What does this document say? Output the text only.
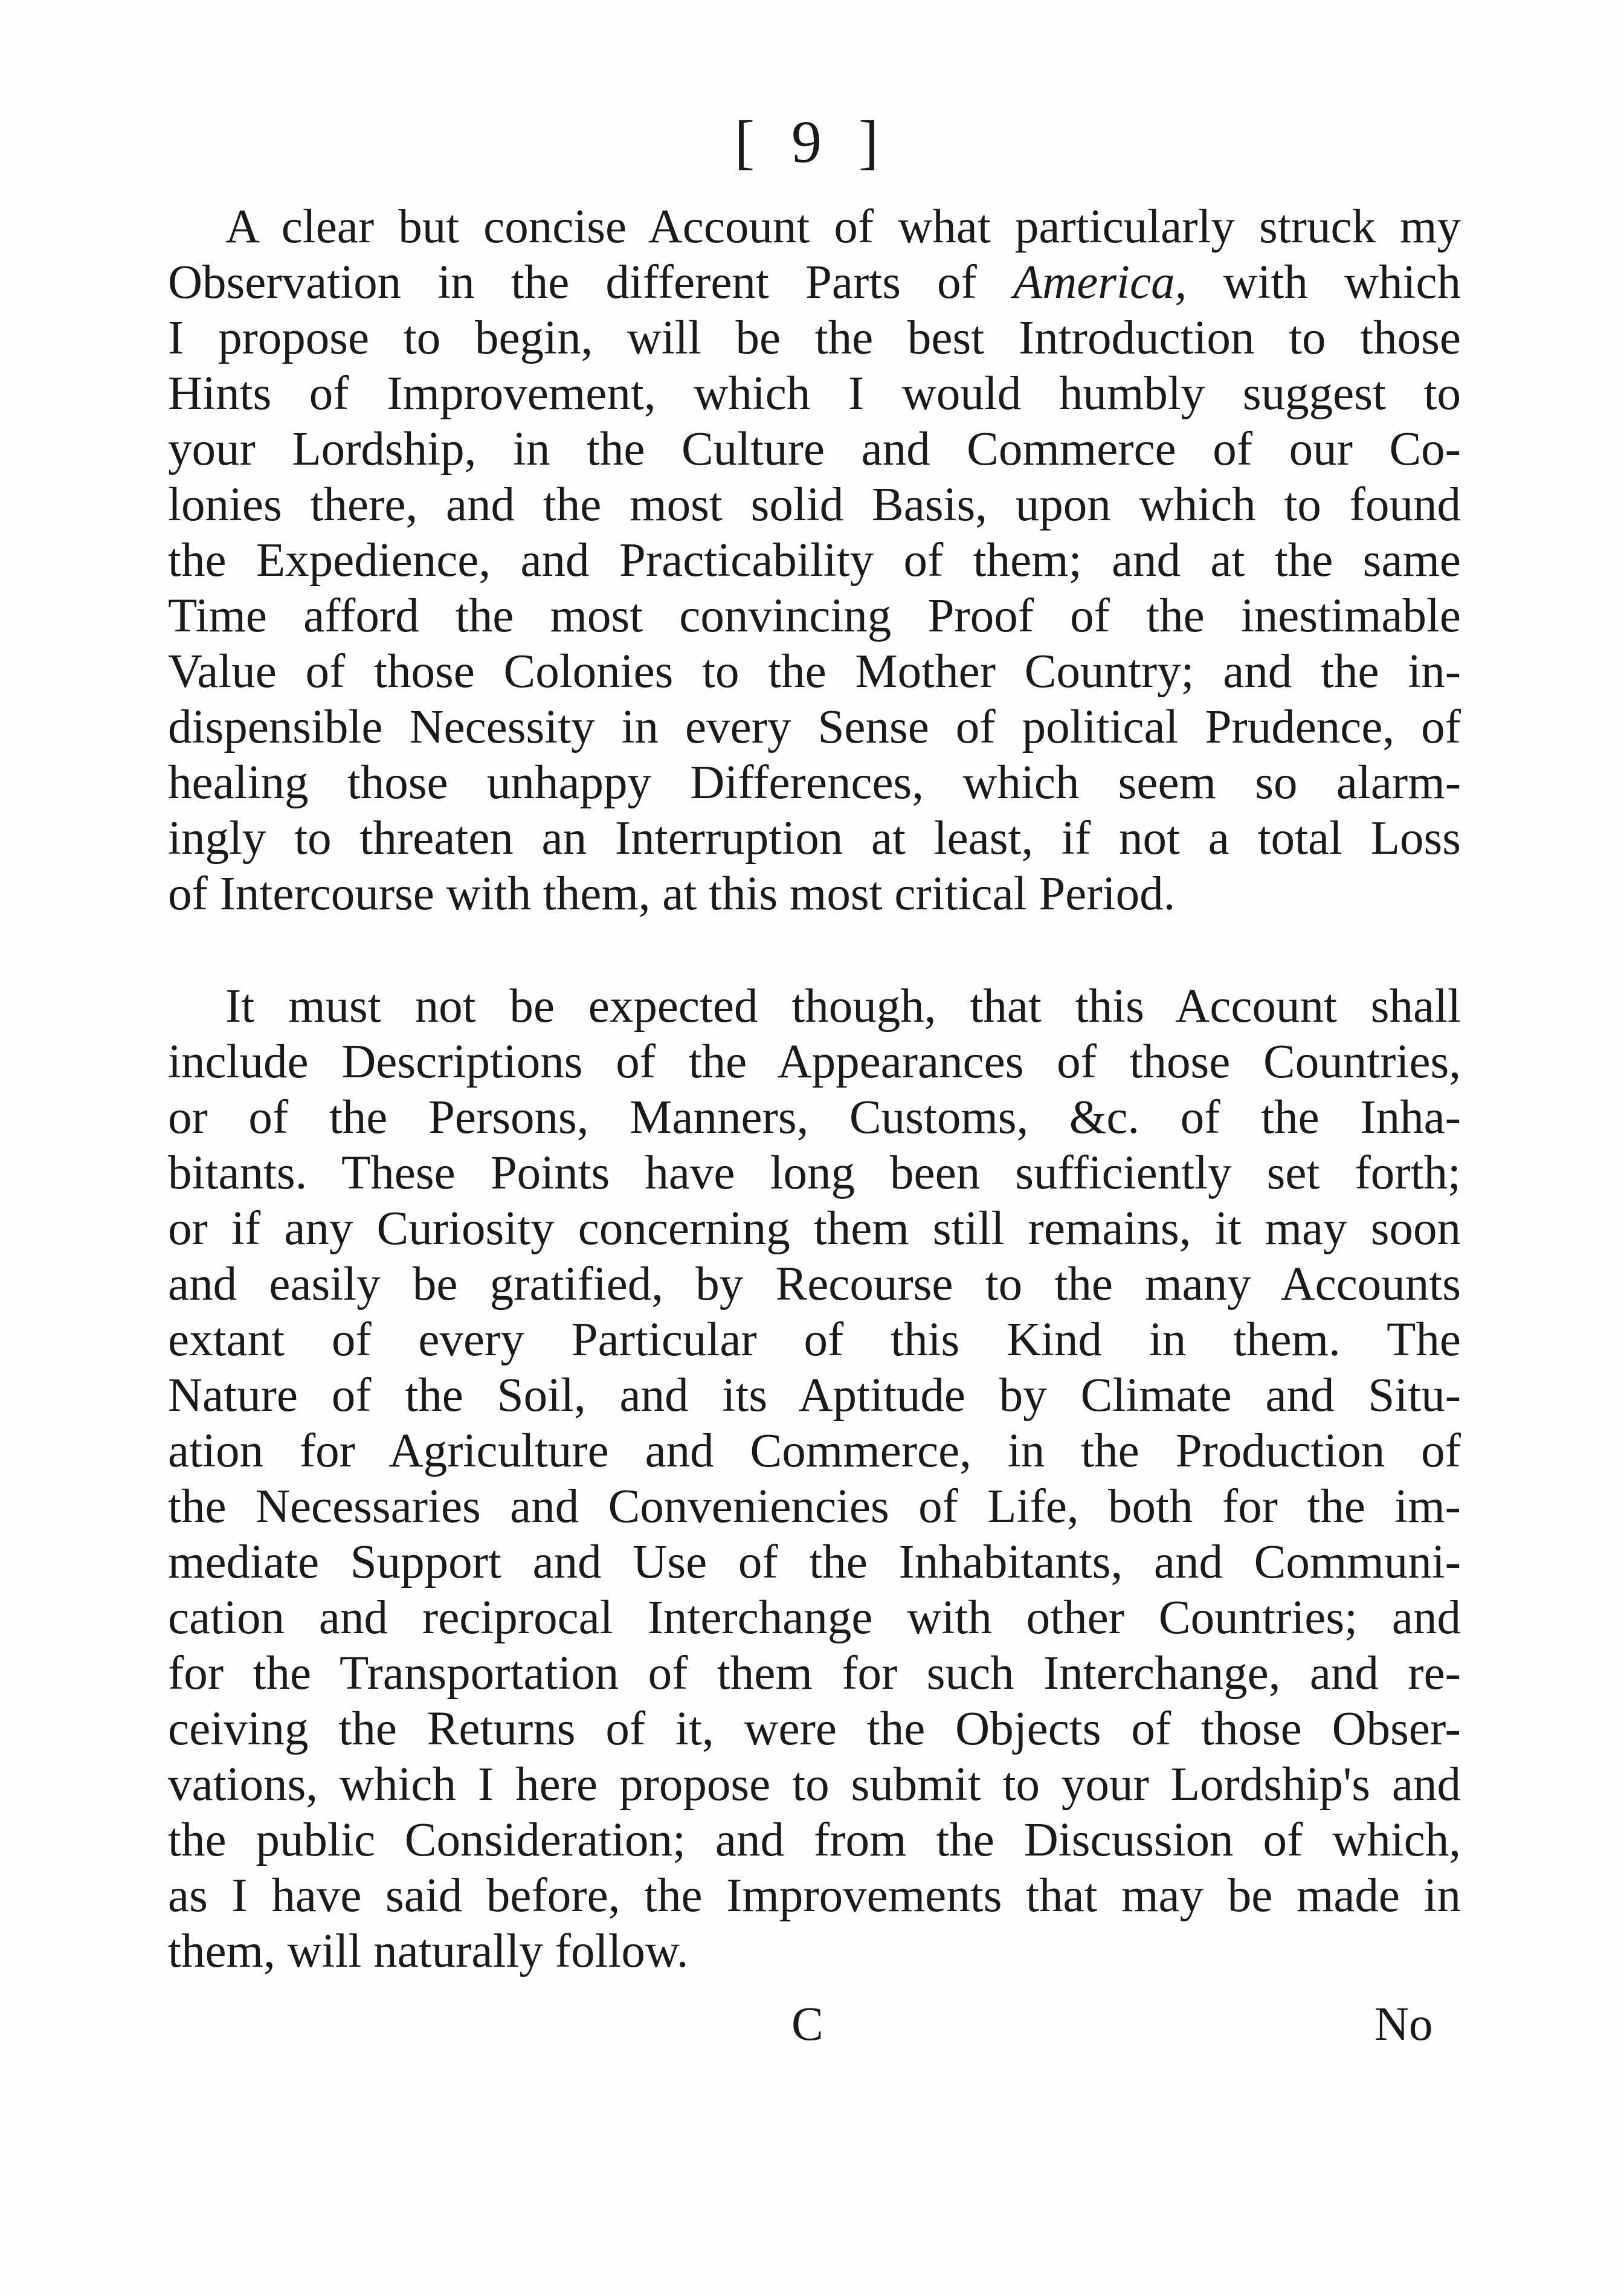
[ 9 ]
A clear but concise Account of what particularly struck my
Observation in the different Parts of America, with which
I propose to begin, will be the best Introduction to those
Hints of Improvement, which I would humbly suggest to
your Lordship, in the Culture and Commerce of our Co-
lonies there, and the most solid Basis, upon which to found
the Expedience, and Practicability of them; and at the same
Time afford the most convincing Proof of the inestimable
Value of those Colonies to the Mother Country; and the in-
dispensible Necessity in every Sense of political Prudence, of
healing those unhappy Differences, which seem so alarm-
ingly to threaten an Interruption at least, if not a total Loss
of Intercourse with them, at this most critical Period.
It must not be expected though, that this Account shall
include Descriptions of the Appearances of those Countries,
or of the Persons, Manners, Customs, &c. of the Inha-
bitants. These Points have long been sufficiently set forth;
or if any Curiosity concerning them still remains, it may soon
and easily be gratified, by Recourse to the many Accounts
extant of every Particular of this Kind in them. The
Nature of the Soil, and its Aptitude by Climate and Situ-
ation for Agriculture and Commerce, in the Production of
the Necessaries and Conveniencies of Life, both for the im-
mediate Support and Use of the Inhabitants, and Communi-
cation and reciprocal Interchange with other Countries; and
for the Transportation of them for such Interchange, and re-
ceiving the Returns of it, were the Objects of those Obser-
vations, which I here propose to submit to your Lordship's and
the public Consideration; and from the Discussion of which,
as I have said before, the Improvements that may be made in
them, will naturally follow.
C	No
